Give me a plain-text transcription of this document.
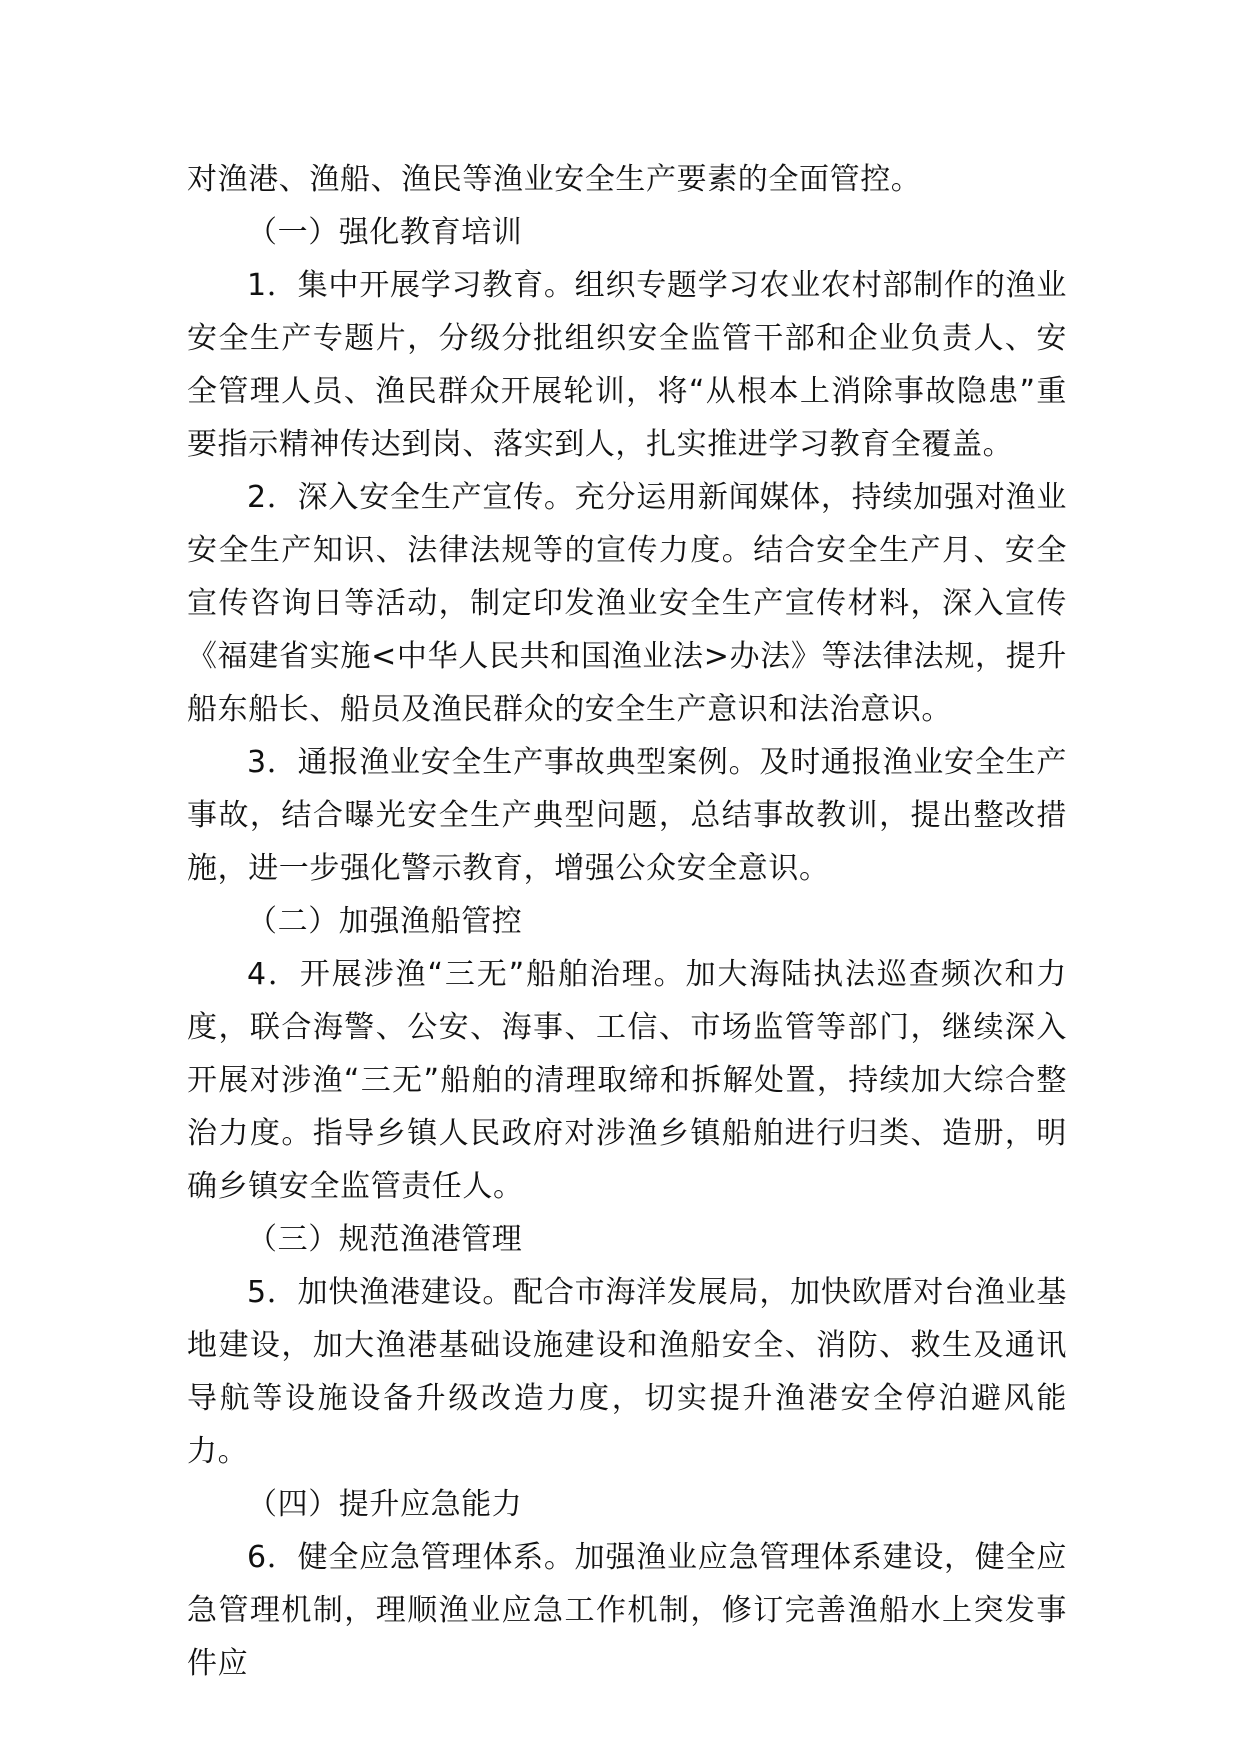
对渔港、渔船、渔民等渔业安全生产要素的全面管控。

（一）强化教育培训

1．集中开展学习教育。组织专题学习农业农村部制作的渔业安全生产专题片，分级分批组织安全监管干部和企业负责人、安全管理人员、渔民群众开展轮训，将“从根本上消除事故隐患”重要指示精神传达到岗、落实到人，扎实推进学习教育全覆盖。

2．深入安全生产宣传。充分运用新闻媒体，持续加强对渔业安全生产知识、法律法规等的宣传力度。结合安全生产月、安全宣传咨询日等活动，制定印发渔业安全生产宣传材料，深入宣传《福建省实施<中华人民共和国渔业法>办法》等法律法规，提升船东船长、船员及渔民群众的安全生产意识和法治意识。

3．通报渔业安全生产事故典型案例。及时通报渔业安全生产事故，结合曝光安全生产典型问题，总结事故教训，提出整改措施，进一步强化警示教育，增强公众安全意识。

（二）加强渔船管控

4．开展涉渔“三无”船舶治理。加大海陆执法巡查频次和力度，联合海警、公安、海事、工信、市场监管等部门，继续深入开展对涉渔“三无”船舶的清理取缔和拆解处置，持续加大综合整治力度。指导乡镇人民政府对涉渔乡镇船舶进行归类、造册，明确乡镇安全监管责任人。

（三）规范渔港管理

5．加快渔港建设。配合市海洋发展局，加快欧厝对台渔业基地建设，加大渔港基础设施建设和渔船安全、消防、救生及通讯导航等设施设备升级改造力度，切实提升渔港安全停泊避风能力。

（四）提升应急能力

6．健全应急管理体系。加强渔业应急管理体系建设，健全应急管理机制，理顺渔业应急工作机制，修订完善渔船水上突发事件应
